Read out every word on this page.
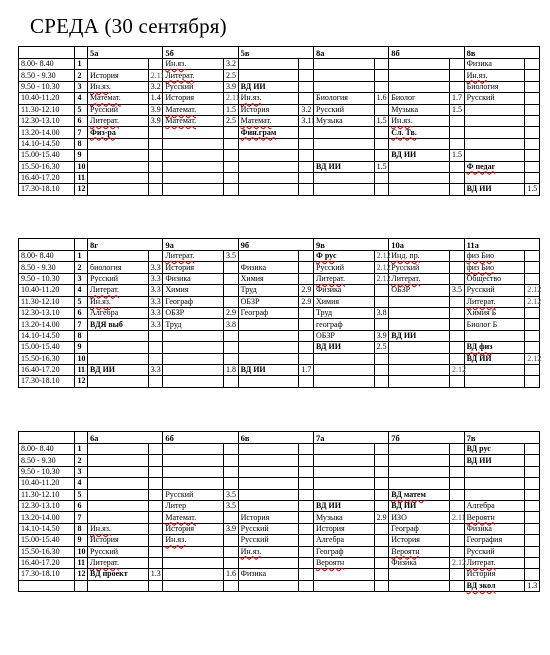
СРЕДА (30 сентября)
		5а		5б		5в		8а		8б		8в	
8.00- 8.40	1			Ин.яз.	3.2							Физика	
8.50 - 9.30	2	История	2.11	Литерат.	2.5							Ин.яз.	
9.50 - 10.30	3	Ин.яз.	3.2	Русский	3.9	ВД ИИ						Биология	
10.40-11.20	4	Математ.	1.4	История	2.11	Ин.яз.		Биология	1.6	Биолог	1.7	Русский	
11.30-12.10	5	Русский	3.9	Математ.	1.5	История	3.2	Русский		Музыка	1.5		
12.30-13.10	6	Литерат.	3.9	Математ.	2.5	Математ.	3.11	Музыка	1.5	Ин.яз.			
13.20-14.00	7	Физ-ра				Фин.грам				Сл. Тв.			
14.10-14.50	8												
15.00-15.40	9									ВД ИИ	1.5		
15.50-16.30	10							ВД ИИ	1.5			Ф педаг	
16.40-17.20	11												
17.30-18.10	12											ВД ИИ	1.5
		8г		9а		9б		9в		10а		11а	
8.00- 8.40	1			Литерат.	3.5			Ф рус	2.12	Инд. пр.		физ Био	
8.50 - 9.30	2	биология	3.3	История		Физика		Русский	2.12	Русский		физ Био	
9.50 - 10.30	3	Русский	3.3	Физика		Химия		Литерат.	2.12	Литерат.		Общество	
10.40-11.20	4	Литерат.	3.3	Химия		Труд	2.9	Физика		ОБЗР	3.5	Русский	2.12
11.30-12.10	5	Ин.яз.	3.3	Географ		ОБЗР	2.9	Химия				Литерат.	2.12
12.30-13.10	6	Алгебра	3.3	ОБЗР	2.9	Географ		Труд	3.8			Химия Б	
13.20-14.00	7	ВДЯ выб	3.3	Труд	3.8			географ				Биолог Б	
14.10-14.50	8							ОБЗР	3.9	ВД ИИ			
15.00-15.40	9							ВД ИИ	2.5			ВД физ	
15.50-16.30	10											ВД ИИ	2.12
16.40-17.20	11	ВД ИИ	3.3		1.8	ВД ИИ	1.7				2.12		
17.30-18.10	12												
		6а		6б		6в		7а		7б		7в	
8.00- 8.40	1											ВД рус	
8.50 - 9.30	2											ВД ИИ	
9.50 - 10.30	3												
10.40-11.20	4												
11.30-12.10	5			Русский	3.5					ВД матем			
12.30-13.10	6			Литер	3.5			ВД ИИ		ВД ИИ		Алгебра	
13.20-14.00	7			Математ.		История		Музыка	2.9	ИЗО	2.11	Вероятн	
14.10-14.50	8	Ин.яз.		История	3.9	Русский		История		Географ		Физика	
15.00-15.40	9	История		Ин.яз.		Русский		Алгебра		История		География	
15.50-16.30	10	Русский				Ин.яз.		Географ		Вероятн		Русский	
16.40-17.20	11	Литерат.						Вероятн		Физика	2.12	Литерат.	
17.30-18.10	12	ВД проект	1.3		1.6	Физика						История	
												ВД экол	1.3
